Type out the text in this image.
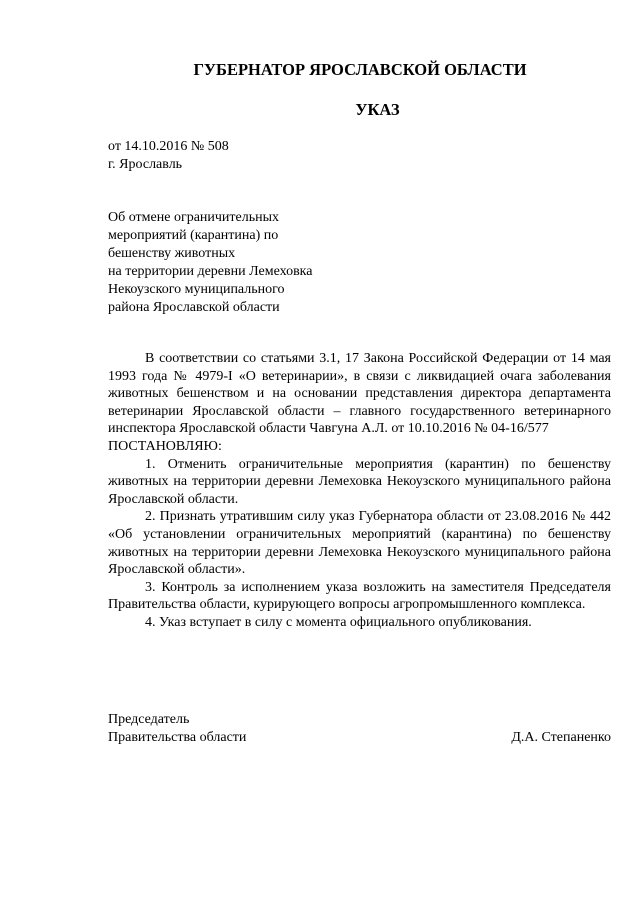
ГУБЕРНАТОР ЯРОСЛАВСКОЙ ОБЛАСТИ
УКАЗ
от 14.10.2016 № 508
г. Ярославль
Об отмене ограничительных
мероприятий (карантина) по
бешенству животных
на территории деревни Лемеховка
Некоузского муниципального
района Ярославской области

В соответствии со статьями 3.1, 17 Закона Российской Федерации от 14 мая 1993 года № 4979-I «О ветеринарии», в связи с ликвидацией очага заболевания животных бешенством и на основании представления директора департамента ветеринарии Ярославской области – главного государственного ветеринарного инспектора Ярославской области Чавгуна А.Л. от 10.10.2016 № 04-16/577

ПОСТАНОВЛЯЮ:

1. Отменить ограничительные мероприятия (карантин) по бешенству животных на территории деревни Лемеховка Некоузского муниципального района Ярославской области.

2. Признать утратившим силу указ Губернатора области от 23.08.2016 № 442 «Об установлении ограничительных мероприятий (карантина) по бешенству животных на территории деревни Лемеховка Некоузского муниципального района Ярославской области».

3. Контроль за исполнением указа возложить на заместителя Председателя Правительства области, курирующего вопросы агропромышленного комплекса.

4. Указ вступает в силу с момента официального опубликования.

Председатель
Правительства области	Д.А. Степаненко
